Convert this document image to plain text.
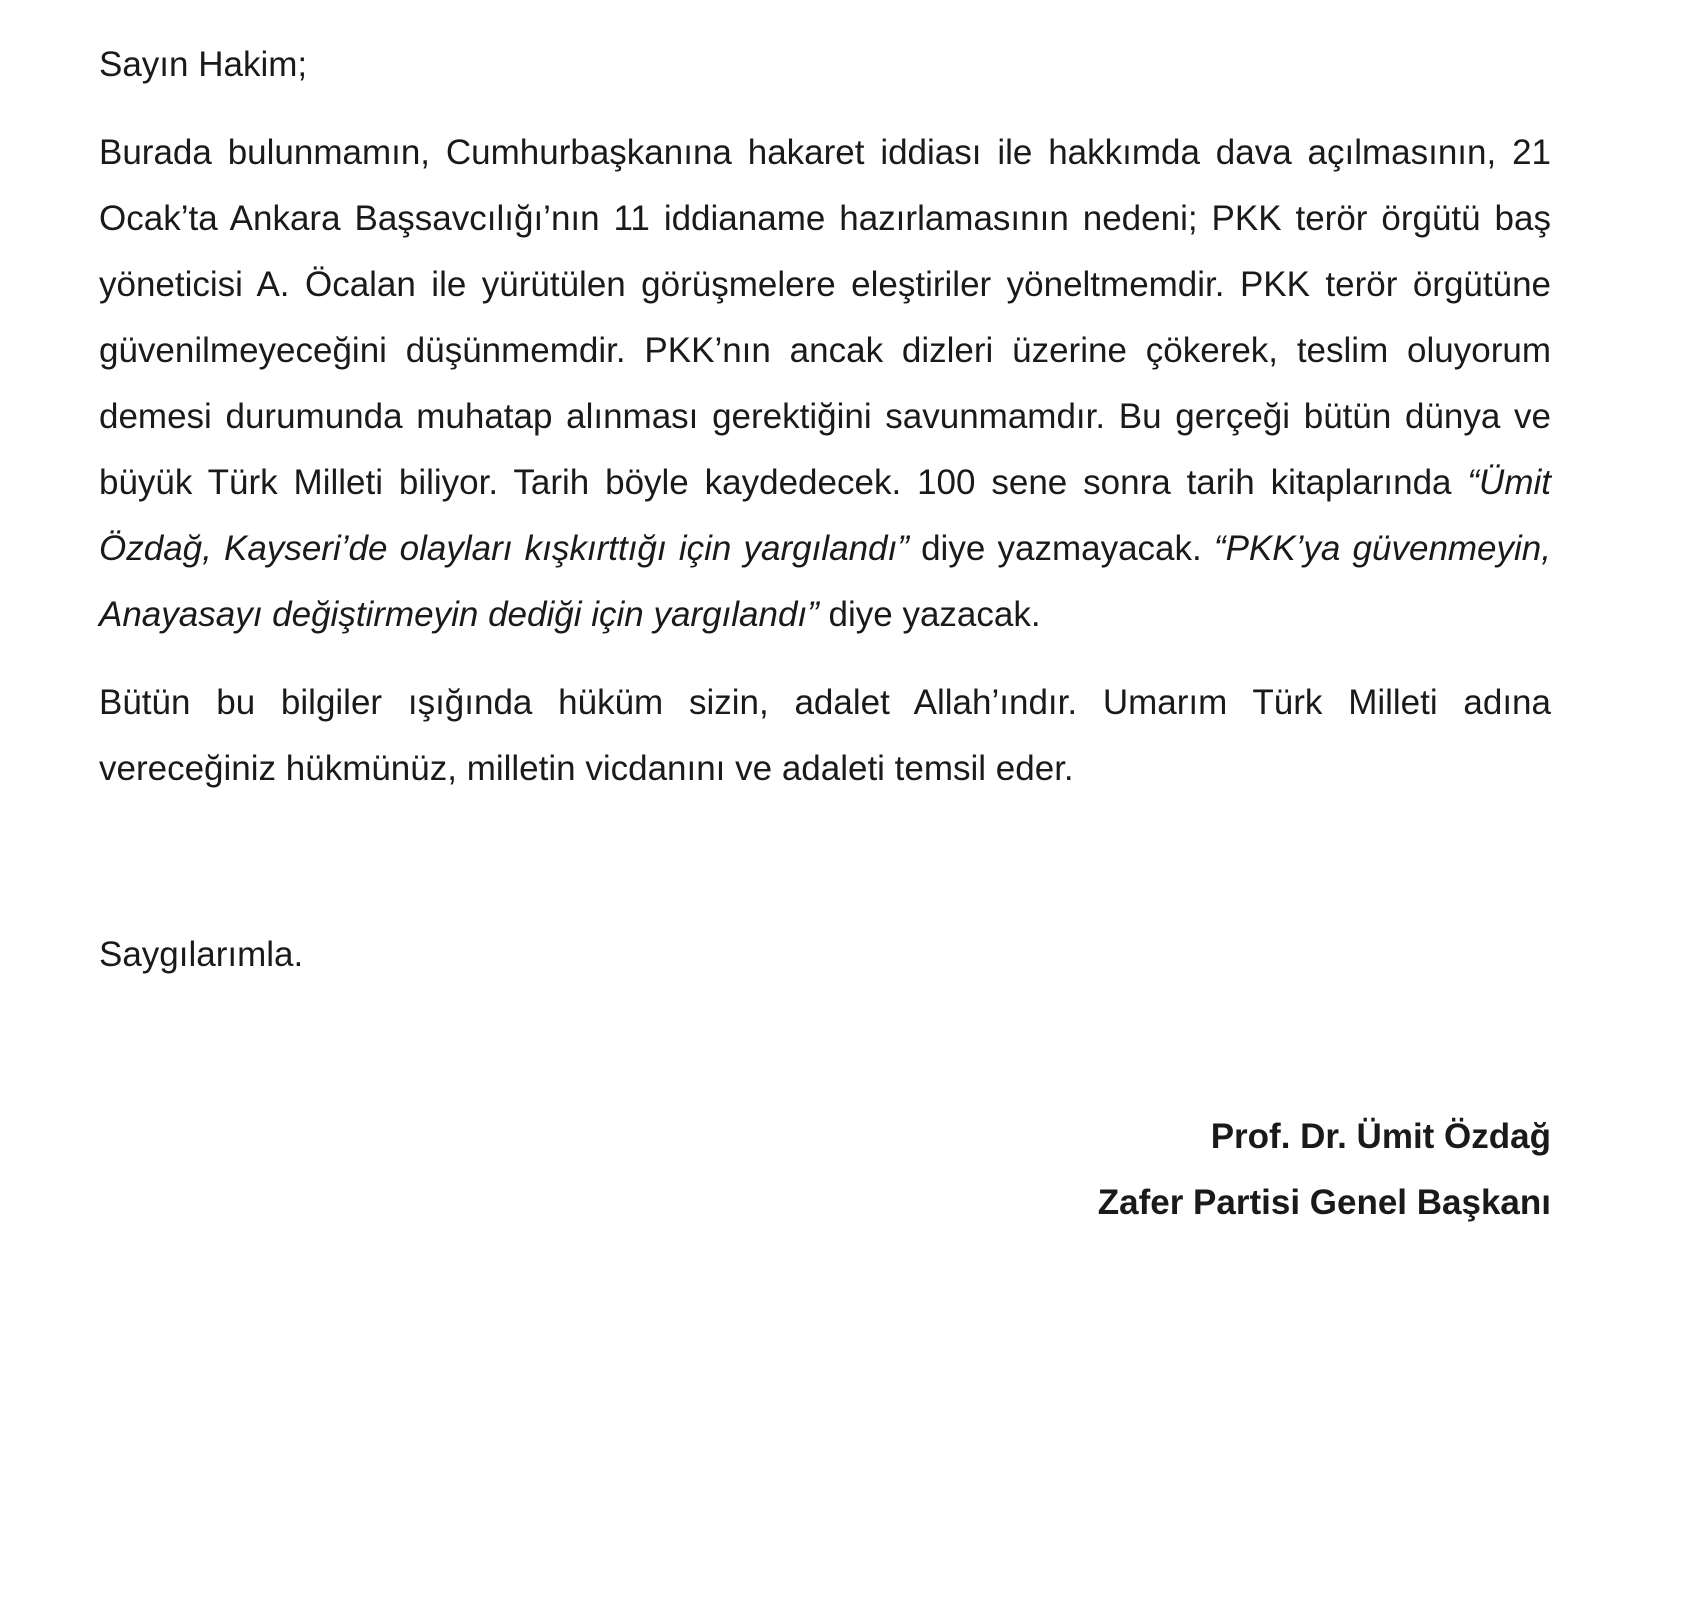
Sayın Hakim;

Burada bulunmamın, Cumhurbaşkanına hakaret iddiası ile hakkımda dava açılmasının, 21 Ocak’ta Ankara Başsavcılığı’nın 11 iddianame hazırlamasının nedeni; PKK terör örgütü baş yöneticisi A. Öcalan ile yürütülen görüşmelere eleştiriler yöneltmemdir. PKK terör örgütüne güvenilmeyeceğini düşünmemdir. PKK’nın ancak dizleri üzerine çökerek, teslim oluyorum demesi durumunda muhatap alınması gerektiğini savunmamdır. Bu gerçeği bütün dünya ve büyük Türk Milleti biliyor. Tarih böyle kaydedecek. 100 sene sonra tarih kitaplarında “Ümit Özdağ, Kayseri’de olayları kışkırttığı için yargılandı” diye yazmayacak. “PKK’ya güvenmeyin, Anayasayı değiştirmeyin dediği için yargılandı” diye yazacak.

Bütün bu bilgiler ışığında hüküm sizin, adalet Allah’ındır. Umarım Türk Milleti adına vereceğiniz hükmünüz, milletin vicdanını ve adaleti temsil eder.

Saygılarımla.

Prof. Dr. Ümit Özdağ
Zafer Partisi Genel Başkanı
